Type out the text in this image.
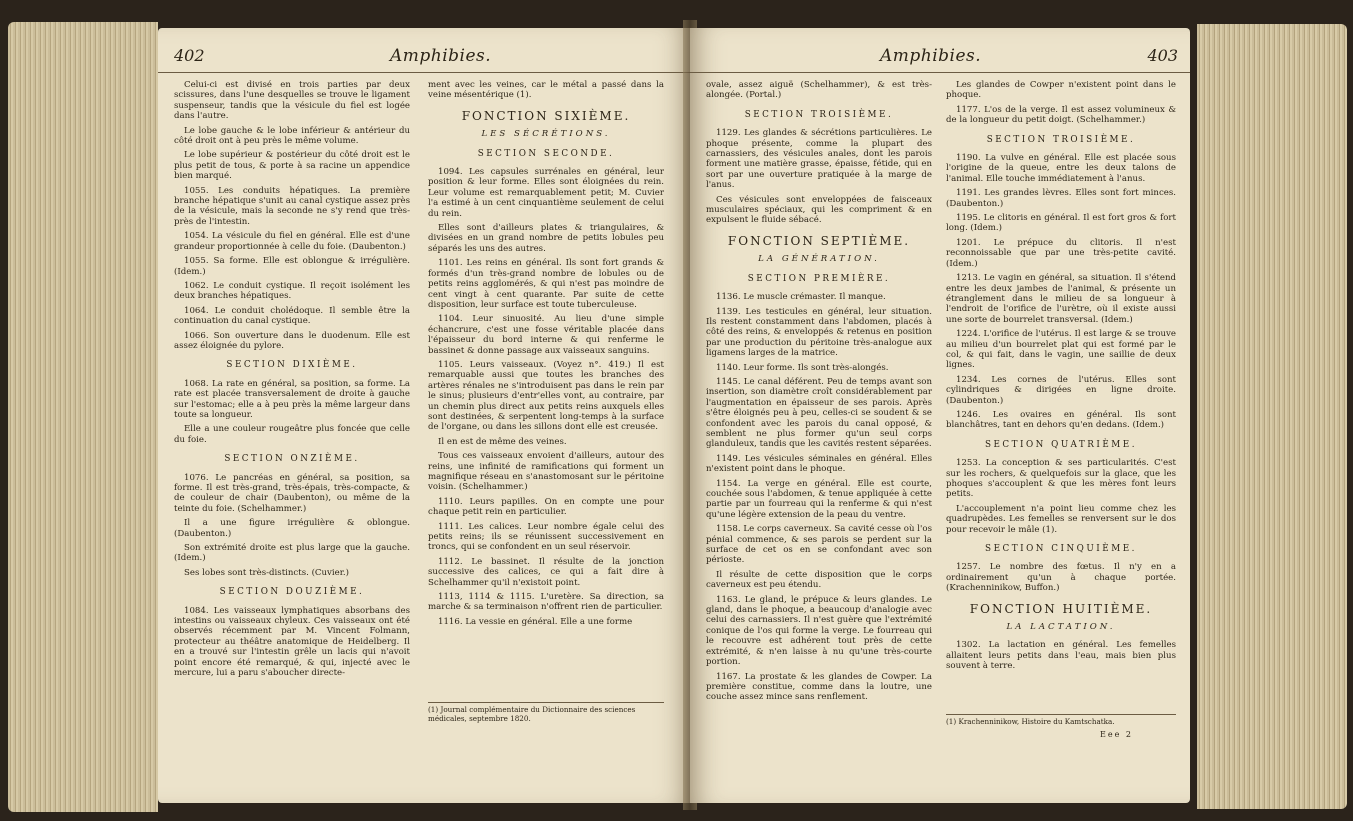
402	Amphibies.

Celui-ci est divisé en trois parties par deux scissures, dans l'une desquelles se trouve le ligament suspenseur, tandis que la vésicule du fiel est logée dans l'autre.

Le lobe gauche & le lobe inférieur & antérieur du côté droit ont à peu près le même volume.

Le lobe supérieur & postérieur du côté droit est le plus petit de tous, & porte à sa racine un appendice bien marqué.

1055. Les conduits hépatiques. La première branche hépatique s'unit au canal cystique assez près de la vésicule, mais la seconde ne s'y rend que très-près de l'intestin.

1054. La vésicule du fiel en général. Elle est d'une grandeur proportionnée à celle du foie. (Daubenton.)

1055. Sa forme. Elle est oblongue & irrégulière. (Idem.)

1062. Le conduit cystique. Il reçoit isolément les deux branches hépatiques.

1064. Le conduit cholédoque. Il semble être la continuation du canal cystique.

1066. Son ouverture dans le duodenum. Elle est assez éloignée du pylore.

SECTION DIXIÈME.

1068. La rate en général, sa position, sa forme. La rate est placée transversalement de droite à gauche sur l'estomac; elle a à peu près la même largeur dans toute sa longueur.

Elle a une couleur rougeâtre plus foncée que celle du foie.

SECTION ONZIÈME.

1076. Le pancréas en général, sa position, sa forme. Il est très-grand, très-épais, très-compacte, & de couleur de chair (Daubenton), ou même de la teinte du foie. (Schelhammer.)

Il a une figure irrégulière & oblongue. (Daubenton.)

Son extrémité droite est plus large que la gauche. (Idem.)

Ses lobes sont très-distincts. (Cuvier.)

SECTION DOUZIÈME.

1084. Les vaisseaux lymphatiques absorbans des intestins ou vaisseaux chyleux. Ces vaisseaux ont été observés récemment par M. Vincent Folmann, protecteur au théâtre anatomique de Heidelberg. Il en a trouvé sur l'intestin grêle un lacis qui n'avoit point encore été remarqué, & qui, injecté avec le mercure, lui a paru s'aboucher directe-

ment avec les veines, car le métal a passé dans la veine mésentérique (1).

FONCTION SIXIÈME.

LES SÉCRÉTIONS.

SECTION SECONDE.

1094. Les capsules surrénales en général, leur position & leur forme. Elles sont éloignées du rein. Leur volume est remarquablement petit; M. Cuvier l'a estimé à un cent cinquantième seulement de celui du rein.

Elles sont d'ailleurs plates & triangulaires, & divisées en un grand nombre de petits lobules peu séparés les uns des autres.

1101. Les reins en général. Ils sont fort grands & formés d'un très-grand nombre de lobules ou de petits reins agglomérés, & qui n'est pas moindre de cent vingt à cent quarante. Par suite de cette disposition, leur surface est toute tuberculeuse.

1104. Leur sinuosité. Au lieu d'une simple échancrure, c'est une fosse véritable placée dans l'épaisseur du bord interne & qui renferme le bassinet & donne passage aux vaisseaux sanguins.

1105. Leurs vaisseaux. (Voyez n°. 419.) Il est remarquable aussi que toutes les branches des artères rénales ne s'introduisent pas dans le rein par le sinus; plusieurs d'entr'elles vont, au contraire, par un chemin plus direct aux petits reins auxquels elles sont destinées, & serpentent long-temps à la surface de l'organe, ou dans les sillons dont elle est creusée.

Il en est de même des veines.

Tous ces vaisseaux envoient d'ailleurs, autour des reins, une infinité de ramifications qui forment un magnifique réseau en s'anastomosant sur le péritoine voisin. (Schelhammer.)

1110. Leurs papilles. On en compte une pour chaque petit rein en particulier.

1111. Les calices. Leur nombre égale celui des petits reins; ils se réunissent successivement en troncs, qui se confondent en un seul réservoir.

1112. Le bassinet. Il résulte de la jonction successive des calices, ce qui a fait dire à Schelhammer qu'il n'existoit point.

1113, 1114 & 1115. L'uretère. Sa direction, sa marche & sa terminaison n'offrent rien de particulier.

1116. La vessie en général. Elle a une forme

(1) Journal complémentaire du Dictionnaire des sciences médicales, septembre 1820.
Amphibies.	403

ovale, assez aiguë (Schelhammer), & est très-alongée. (Portal.)

SECTION TROISIÈME.

1129. Les glandes & sécrétions particulières. Le phoque présente, comme la plupart des carnassiers, des vésicules anales, dont les parois forment une matière grasse, épaisse, fétide, qui en sort par une ouverture pratiquée à la marge de l'anus.

Ces vésicules sont enveloppées de faisceaux musculaires spéciaux, qui les compriment & en expulsent le fluide sébacé.

FONCTION SEPTIÈME.

LA GÉNÉRATION.

SECTION PREMIÈRE.

1136. Le muscle crémaster. Il manque.

1139. Les testicules en général, leur situation. Ils restent constamment dans l'abdomen, placés à côté des reins, & enveloppés & retenus en position par une production du péritoine très-analogue aux ligamens larges de la matrice.

1140. Leur forme. Ils sont très-alongés.

1145. Le canal déférent. Peu de temps avant son insertion, son diamètre croît considérablement par l'augmentation en épaisseur de ses parois. Après s'être éloignés peu à peu, celles-ci se soudent & se confondent avec les parois du canal opposé, & semblent ne plus former qu'un seul corps glanduleux, tandis que les cavités restent séparées.

1149. Les vésicules séminales en général. Elles n'existent point dans le phoque.

1154. La verge en général. Elle est courte, couchée sous l'abdomen, & tenue appliquée à cette partie par un fourreau qui la renferme & qui n'est qu'une légère extension de la peau du ventre.

1158. Le corps caverneux. Sa cavité cesse où l'os pénial commence, & ses parois se perdent sur la surface de cet os en se confondant avec son périoste.

Il résulte de cette disposition que le corps caverneux est peu étendu.

1163. Le gland, le prépuce & leurs glandes. Le gland, dans le phoque, a beaucoup d'analogie avec celui des carnassiers. Il n'est guère que l'extrémité conique de l'os qui forme la verge. Le fourreau qui le recouvre est adhérent tout près de cette extrémité, & n'en laisse à nu qu'une très-courte portion.

1167. La prostate & les glandes de Cowper. La première constitue, comme dans la loutre, une couche assez mince sans renflement.

Les glandes de Cowper n'existent point dans le phoque.

1177. L'os de la verge. Il est assez volumineux & de la longueur du petit doigt. (Schelhammer.)

SECTION TROISIÈME.

1190. La vulve en général. Elle est placée sous l'origine de la queue, entre les deux talons de l'animal. Elle touche immédiatement à l'anus.

1191. Les grandes lèvres. Elles sont fort minces. (Daubenton.)

1195. Le clitoris en général. Il est fort gros & fort long. (Idem.)

1201. Le prépuce du clitoris. Il n'est reconnoissable que par une très-petite cavité. (Idem.)

1213. Le vagin en général, sa situation. Il s'étend entre les deux jambes de l'animal, & présente un étranglement dans le milieu de sa longueur à l'endroit de l'orifice de l'urètre, où il existe aussi une sorte de bourrelet transversal. (Idem.)

1224. L'orifice de l'utérus. Il est large & se trouve au milieu d'un bourrelet plat qui est formé par le col, & qui fait, dans le vagin, une saillie de deux lignes.

1234. Les cornes de l'utérus. Elles sont cylindriques & dirigées en ligne droite. (Daubenton.)

1246. Les ovaires en général. Ils sont blanchâtres, tant en dehors qu'en dedans. (Idem.)

SECTION QUATRIÈME.

1253. La conception & ses particularités. C'est sur les rochers, & quelquefois sur la glace, que les phoques s'accouplent & que les mères font leurs petits.

L'accouplement n'a point lieu comme chez les quadrupèdes. Les femelles se renversent sur le dos pour recevoir le mâle (1).

SECTION CINQUIÈME.

1257. Le nombre des fœtus. Il n'y en a ordinairement qu'un à chaque portée. (Krachenninikow, Buffon.)

FONCTION HUITIÈME.

LA LACTATION.

1302. La lactation en général. Les femelles allaitent leurs petits dans l'eau, mais bien plus souvent à terre.

(1) Krachenninikow, Histoire du Kamtschatka.
Eee 2
